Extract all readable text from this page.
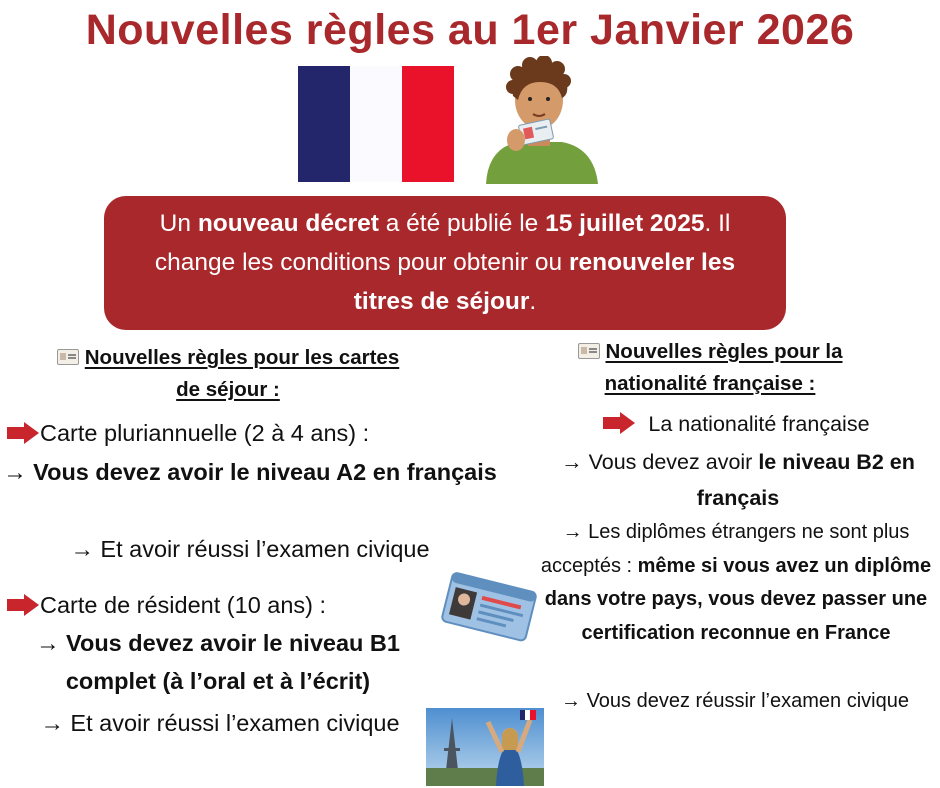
Nouvelles règles au 1er Janvier 2026
Un nouveau décret a été publié le 15 juillet 2025. Il change les conditions pour obtenir ou renouveler les titres de séjour.
Nouvelles règles pour les cartes de séjour :
Carte pluriannuelle (2 à 4 ans) :
→ Vous devez avoir le niveau A2 en français
→ Et avoir réussi l’examen civique
Carte de résident (10 ans) :
→ Vous devez avoir le niveau B1 complet (à l’oral et à l’écrit)
→ Et avoir réussi l’examen civique
Nouvelles règles pour la nationalité française :
La nationalité française
→ Vous devez avoir le niveau B2 en français
→ Les diplômes étrangers ne sont plus acceptés : même si vous avez un diplôme dans votre pays, vous devez passer une certification reconnue en France
→ Vous devez réussir l’examen civique
